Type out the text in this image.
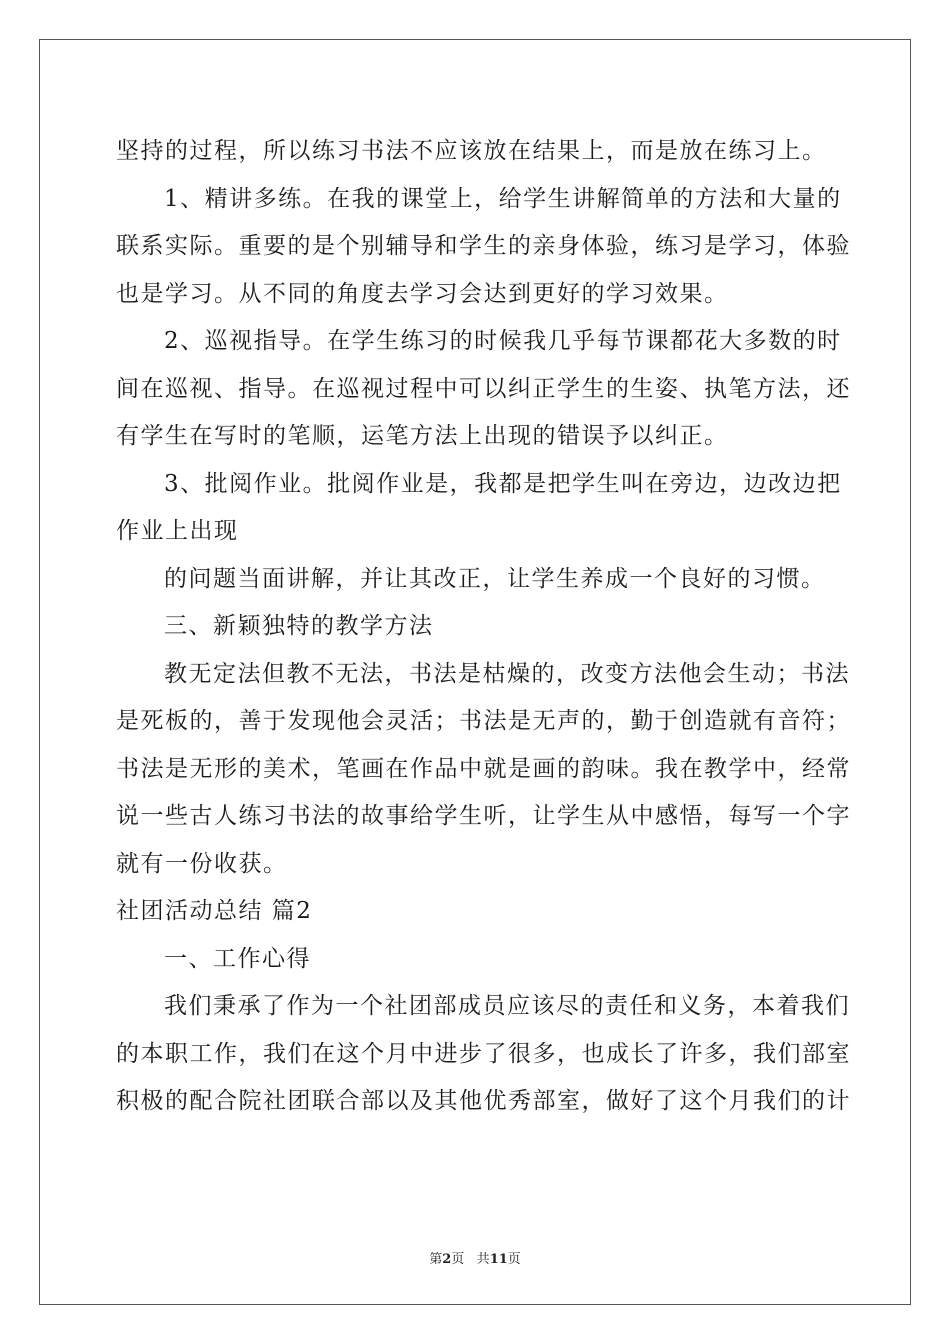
坚持的过程，所以练习书法不应该放在结果上，而是放在练习上。
1、精讲多练。在我的课堂上，给学生讲解简单的方法和大量的
联系实际。重要的是个别辅导和学生的亲身体验，练习是学习，体验
也是学习。从不同的角度去学习会达到更好的学习效果。
2、巡视指导。在学生练习的时候我几乎每节课都花大多数的时
间在巡视、指导。在巡视过程中可以纠正学生的生姿、执笔方法，还
有学生在写时的笔顺，运笔方法上出现的错误予以纠正。
3、批阅作业。批阅作业是，我都是把学生叫在旁边，边改边把
作业上出现
的问题当面讲解，并让其改正，让学生养成一个良好的习惯。
三、新颖独特的教学方法
教无定法但教不无法，书法是枯燥的，改变方法他会生动；书法
是死板的，善于发现他会灵活；书法是无声的，勤于创造就有音符；
书法是无形的美术，笔画在作品中就是画的韵味。我在教学中，经常
说一些古人练习书法的故事给学生听，让学生从中感悟，每写一个字
就有一份收获。
社团活动总结 篇2
一、工作心得
我们秉承了作为一个社团部成员应该尽的责任和义务，本着我们
的本职工作，我们在这个月中进步了很多，也成长了许多，我们部室
积极的配合院社团联合部以及其他优秀部室，做好了这个月我们的计
第2页 共11页
